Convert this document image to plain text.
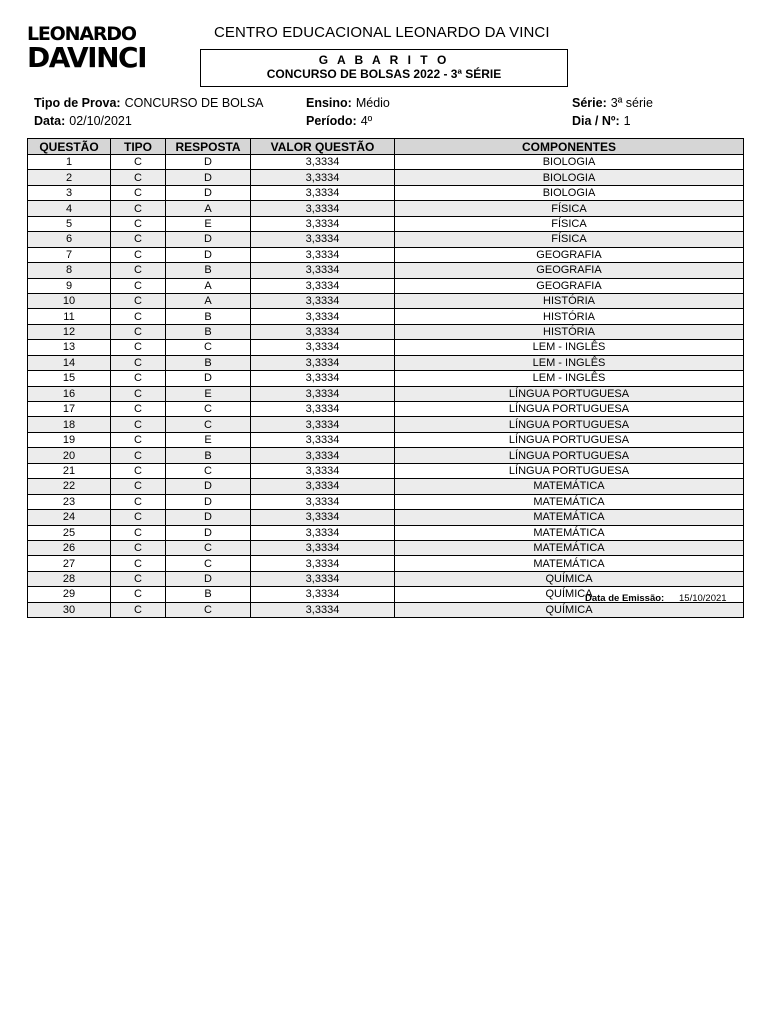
LEONARDO
DAVINCI
CENTRO EDUCACIONAL LEONARDO DA VINCI
G A B A R I T O
CONCURSO DE BOLSAS 2022 - 3ª SÉRIE
Tipo de Prova: CONCURSO DE BOLSA	Ensino: Médio	Série: 3ª série
Data: 02/10/2021	Período: 4º	Dia / Nº: 1
QUESTÃO	TIPO	RESPOSTA	VALOR QUESTÃO	COMPONENTES
1	C	D	3,3334	BIOLOGIA
2	C	D	3,3334	BIOLOGIA
3	C	D	3,3334	BIOLOGIA
4	C	A	3,3334	FÍSICA
5	C	E	3,3334	FÍSICA
6	C	D	3,3334	FÍSICA
7	C	D	3,3334	GEOGRAFIA
8	C	B	3,3334	GEOGRAFIA
9	C	A	3,3334	GEOGRAFIA
10	C	A	3,3334	HISTÓRIA
11	C	B	3,3334	HISTÓRIA
12	C	B	3,3334	HISTÓRIA
13	C	C	3,3334	LEM - INGLÊS
14	C	B	3,3334	LEM - INGLÊS
15	C	D	3,3334	LEM - INGLÊS
16	C	E	3,3334	LÍNGUA PORTUGUESA
17	C	C	3,3334	LÍNGUA PORTUGUESA
18	C	C	3,3334	LÍNGUA PORTUGUESA
19	C	E	3,3334	LÍNGUA PORTUGUESA
20	C	B	3,3334	LÍNGUA PORTUGUESA
21	C	C	3,3334	LÍNGUA PORTUGUESA
22	C	D	3,3334	MATEMÁTICA
23	C	D	3,3334	MATEMÁTICA
24	C	D	3,3334	MATEMÁTICA
25	C	D	3,3334	MATEMÁTICA
26	C	C	3,3334	MATEMÁTICA
27	C	C	3,3334	MATEMÁTICA
28	C	D	3,3334	QUÍMICA
29	C	B	3,3334	QUÍMICA
30	C	C	3,3334	QUÍMICA
Data de Emissão: 15/10/2021
